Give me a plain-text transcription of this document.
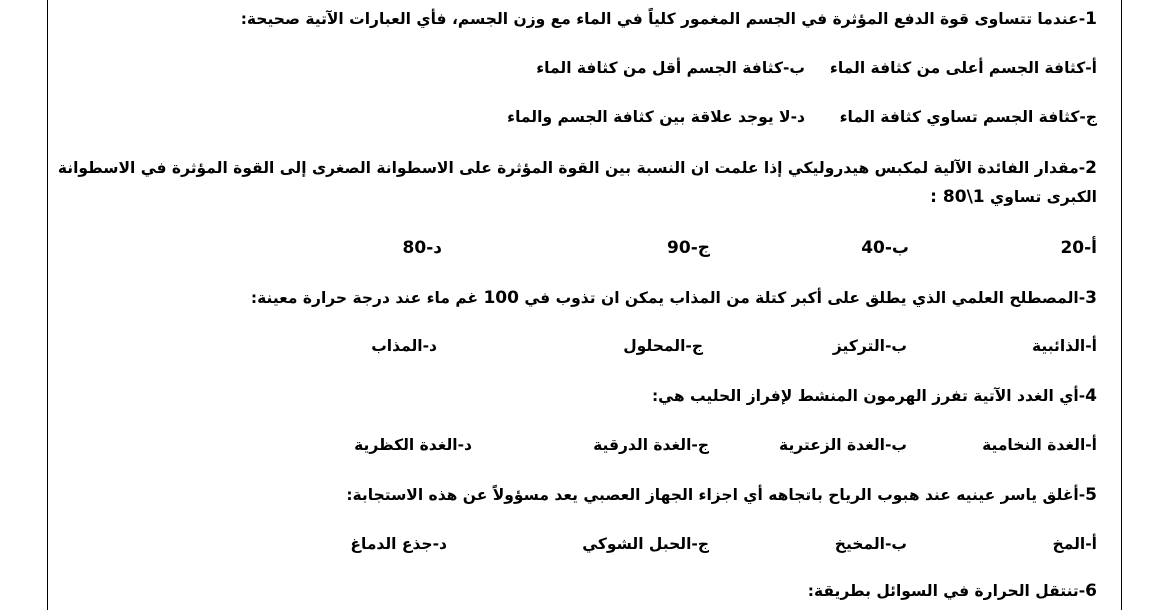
1-عندما تتساوى قوة الدفع المؤثرة في الجسم المغمور كلياً في الماء مع وزن الجسم، فأي العبارات الآتية صحيحة:
أ-كثافة الجسم أعلى من كثافة الماء
ب-كثافة الجسم أقل من كثافة الماء
ج-كثافة الجسم تساوي كثافة الماء
د-لا يوجد علاقة بين كثافة الجسم والماء
2-مقدار الفائدة الآلية لمكبس هيدروليكي إذا علمت ان النسبة بين القوة المؤثرة على الاسطوانة الصغرى إلى القوة المؤثرة في الاسطوانة
الكبرى تساوي 1\80 :
أ-20
ب-40
ج-90
د-80
3-المصطلح العلمي الذي يطلق على أكبر كتلة من المذاب يمكن ان تذوب في 100 غم ماء عند درجة حرارة معينة:
أ-الذائبية
ب-التركيز
ج-المحلول
د-المذاب
4-أي الغدد الآتية تفرز الهرمون المنشط لإفراز الحليب هي:
أ-الغدة النخامية
ب-الغدة الزعترية
ج-الغدة الدرقية
د-الغدة الكظرية
5-أغلق ياسر عينيه عند هبوب الرياح باتجاهه أي اجزاء الجهاز العصبي يعد مسؤولاً عن هذه الاستجابة:
أ-المخ
ب-المخيخ
ج-الحبل الشوكي
د-جذع الدماغ
6-تنتقل الحرارة في السوائل بطريقة:
